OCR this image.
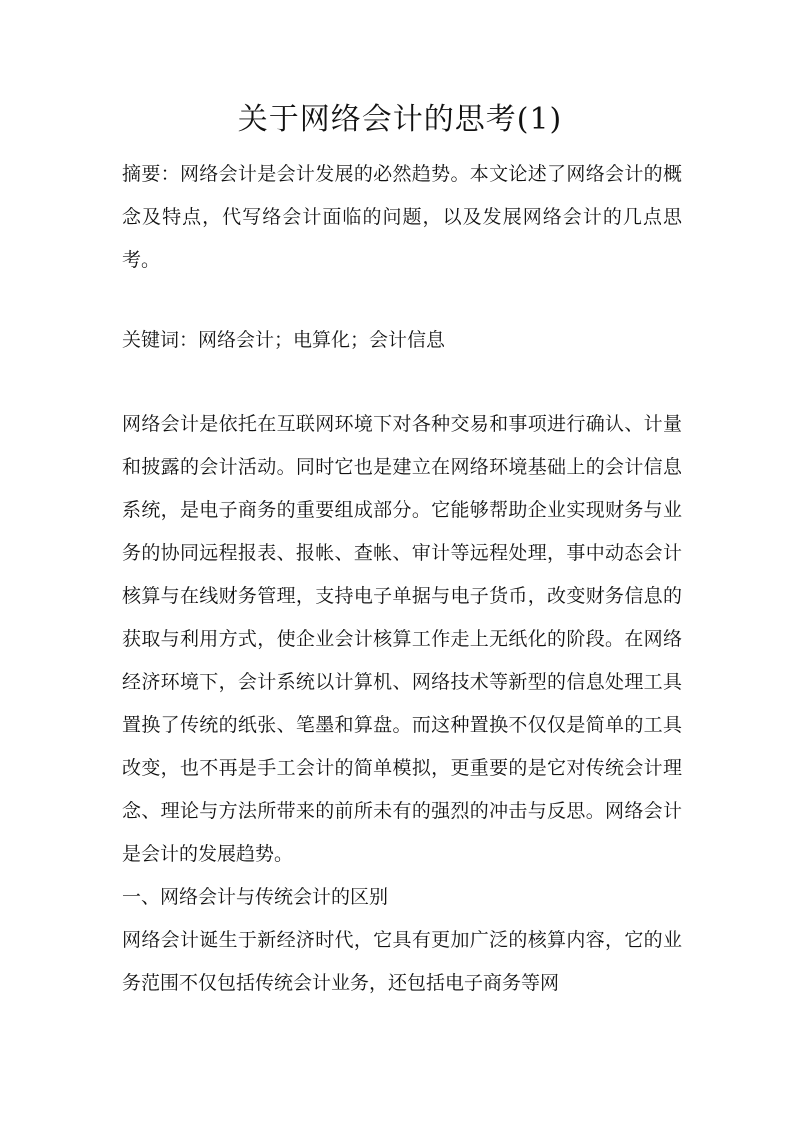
关于网络会计的思考(1)

摘要：网络会计是会计发展的必然趋势。本文论述了网络会计的概念及特点，代写络会计面临的问题，以及发展网络会计的几点思考。

关键词：网络会计；电算化；会计信息

网络会计是依托在互联网环境下对各种交易和事项进行确认、计量和披露的会计活动。同时它也是建立在网络环境基础上的会计信息系统，是电子商务的重要组成部分。它能够帮助企业实现财务与业务的协同远程报表、报帐、查帐、审计等远程处理，事中动态会计核算与在线财务管理，支持电子单据与电子货币，改变财务信息的获取与利用方式，使企业会计核算工作走上无纸化的阶段。在网络经济环境下，会计系统以计算机、网络技术等新型的信息处理工具置换了传统的纸张、笔墨和算盘。而这种置换不仅仅是简单的工具改变，也不再是手工会计的简单模拟，更重要的是它对传统会计理念、理论与方法所带来的前所未有的强烈的冲击与反思。网络会计是会计的发展趋势。

一、网络会计与传统会计的区别

网络会计诞生于新经济时代，它具有更加广泛的核算内容，它的业务范围不仅包括传统会计业务，还包括电子商务等网
